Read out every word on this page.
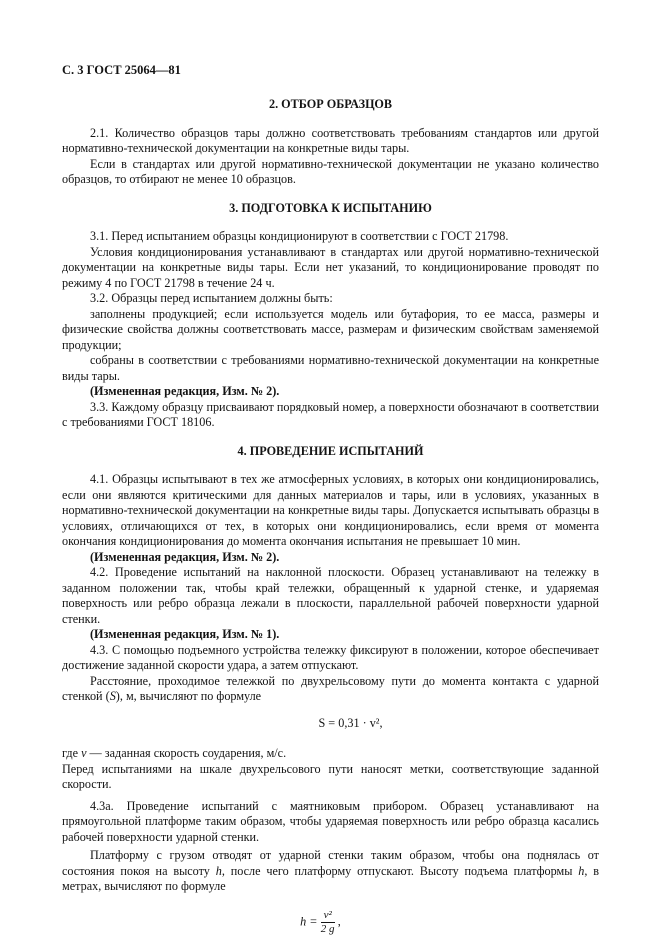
С. 3 ГОСТ 25064—81
2. ОТБОР ОБРАЗЦОВ

2.1. Количество образцов тары должно соответствовать требованиям стандартов или другой нормативно-технической документации на конкретные виды тары.

Если в стандартах или другой нормативно-технической документации не указано количество образцов, то отбирают не менее 10 образцов.

3. ПОДГОТОВКА К ИСПЫТАНИЮ

3.1. Перед испытанием образцы кондиционируют в соответствии с ГОСТ 21798.

Условия кондиционирования устанавливают в стандартах или другой нормативно-технической документации на конкретные виды тары. Если нет указаний, то кондиционирование проводят по режиму 4 по ГОСТ 21798 в течение 24 ч.

3.2. Образцы перед испытанием должны быть:

заполнены продукцией; если используется модель или бутафория, то ее масса, размеры и физические свойства должны соответствовать массе, размерам и физическим свойствам заменяемой продукции;

собраны в соответствии с требованиями нормативно-технической документации на конкретные виды тары.

(Измененная редакция, Изм. № 2).

3.3. Каждому образцу присваивают порядковый номер, а поверхности обозначают в соответствии с требованиями ГОСТ 18106.

4. ПРОВЕДЕНИЕ ИСПЫТАНИЙ

4.1. Образцы испытывают в тех же атмосферных условиях, в которых они кондиционировались, если они являются критическими для данных материалов и тары, или в условиях, указанных в нормативно-технической документации на конкретные виды тары. Допускается испытывать образцы в условиях, отличающихся от тех, в которых они кондиционировались, если время от момента окончания кондиционирования до момента окончания испытания не превышает 10 мин.

(Измененная редакция, Изм. № 2).

4.2. Проведение испытаний на наклонной плоскости. Образец устанавливают на тележку в заданном положении так, чтобы край тележки, обращенный к ударной стенке, и ударяемая поверхность или ребро образца лежали в плоскости, параллельной рабочей поверхности ударной стенки.

(Измененная редакция, Изм. № 1).

4.3. С помощью подъемного устройства тележку фиксируют в положении, которое обеспечивает достижение заданной скорости удара, а затем отпускают.

Расстояние, проходимое тележкой по двухрельсовому пути до момента контакта с ударной стенкой (S), м, вычисляют по формуле

S = 0,31 · v²,

где v — заданная скорость соударения, м/с.

Перед испытаниями на шкале двухрельсового пути наносят метки, соответствующие заданной скорости.

4.3а. Проведение испытаний с маятниковым прибором. Образец устанавливают на прямоугольной платформе таким образом, чтобы ударяемая поверхность или ребро образца касались рабочей поверхности ударной стенки.

Платформу с грузом отводят от ударной стенки таким образом, чтобы она поднялась от состояния покоя на высоту h, после чего платформу отпускают. Высоту подъема платформы h, в метрах, вычисляют по формуле

$h = \frac{\text{v²}}{2 g}$ ,
